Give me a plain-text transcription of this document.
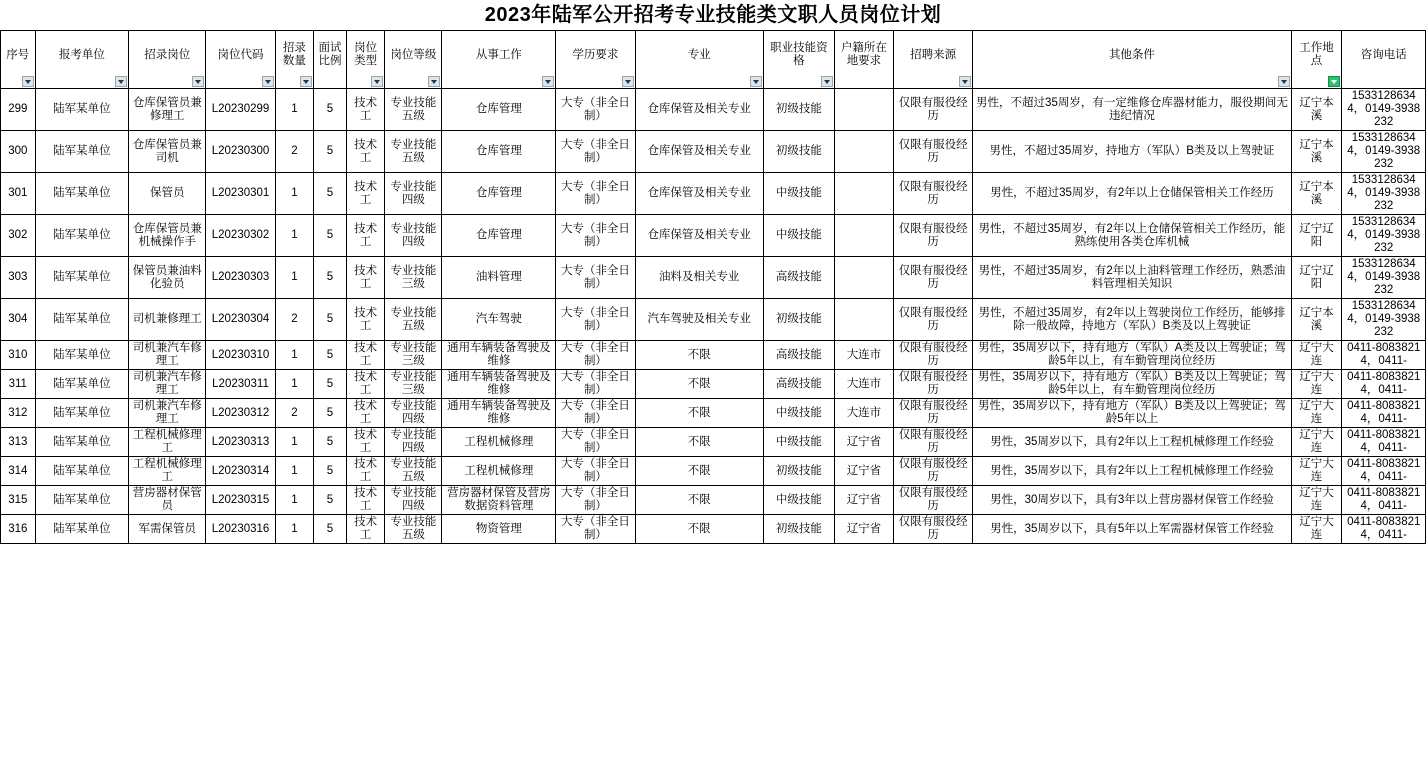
2023年陆军公开招考专业技能类文职人员岗位计划
序号	报考单位	招录岗位	岗位代码	招录数量	面试比例	岗位类型	岗位等级	从事工作	学历要求	专业	职业技能资格	户籍所在地要求	招聘来源	其他条件	工作地点	咨询电话
299	陆军某单位	仓库保管员兼修理工	L20230299	1	5	技术工	专业技能五级	仓库管理	大专（非全日制）	仓库保管及相关专业	初级技能		仅限有服役经历	男性，不超过35周岁，有一定维修仓库器材能力，服役期间无违纪情况	辽宁本溪	15331286344，0149-3938232
300	陆军某单位	仓库保管员兼司机	L20230300	2	5	技术工	专业技能五级	仓库管理	大专（非全日制）	仓库保管及相关专业	初级技能		仅限有服役经历	男性，不超过35周岁，持地方（军队）B类及以上驾驶证	辽宁本溪	15331286344，0149-3938232
301	陆军某单位	保管员	L20230301	1	5	技术工	专业技能四级	仓库管理	大专（非全日制）	仓库保管及相关专业	中级技能		仅限有服役经历	男性，不超过35周岁，有2年以上仓储保管相关工作经历	辽宁本溪	15331286344，0149-3938232
302	陆军某单位	仓库保管员兼机械操作手	L20230302	1	5	技术工	专业技能四级	仓库管理	大专（非全日制）	仓库保管及相关专业	中级技能		仅限有服役经历	男性，不超过35周岁，有2年以上仓储保管相关工作经历，能熟练使用各类仓库机械	辽宁辽阳	15331286344，0149-3938232
303	陆军某单位	保管员兼油料化验员	L20230303	1	5	技术工	专业技能三级	油料管理	大专（非全日制）	油料及相关专业	高级技能		仅限有服役经历	男性，不超过35周岁，有2年以上油料管理工作经历，熟悉油料管理相关知识	辽宁辽阳	15331286344，0149-3938232
304	陆军某单位	司机兼修理工	L20230304	2	5	技术工	专业技能五级	汽车驾驶	大专（非全日制）	汽车驾驶及相关专业	初级技能		仅限有服役经历	男性，不超过35周岁，有2年以上驾驶岗位工作经历，能够排除一般故障，持地方（军队）B类及以上驾驶证	辽宁本溪	15331286344，0149-3938232
310	陆军某单位	司机兼汽车修理工	L20230310	1	5	技术工	专业技能三级	通用车辆装备驾驶及维修	大专（非全日制）	不限	高级技能	大连市	仅限有服役经历	男性，35周岁以下，持有地方（军队）A类及以上驾驶证；驾龄5年以上，有车勤管理岗位经历	辽宁大连	0411-80838214，0411-
311	陆军某单位	司机兼汽车修理工	L20230311	1	5	技术工	专业技能三级	通用车辆装备驾驶及维修	大专（非全日制）	不限	高级技能	大连市	仅限有服役经历	男性，35周岁以下，持有地方（军队）B类及以上驾驶证；驾龄5年以上，有车勤管理岗位经历	辽宁大连	0411-80838214，0411-
312	陆军某单位	司机兼汽车修理工	L20230312	2	5	技术工	专业技能四级	通用车辆装备驾驶及维修	大专（非全日制）	不限	中级技能	大连市	仅限有服役经历	男性，35周岁以下，持有地方（军队）B类及以上驾驶证；驾龄5年以上	辽宁大连	0411-80838214，0411-
313	陆军某单位	工程机械修理工	L20230313	1	5	技术工	专业技能四级	工程机械修理	大专（非全日制）	不限	中级技能	辽宁省	仅限有服役经历	男性，35周岁以下，具有2年以上工程机械修理工作经验	辽宁大连	0411-80838214，0411-
314	陆军某单位	工程机械修理工	L20230314	1	5	技术工	专业技能五级	工程机械修理	大专（非全日制）	不限	初级技能	辽宁省	仅限有服役经历	男性，35周岁以下，具有2年以上工程机械修理工作经验	辽宁大连	0411-80838214，0411-
315	陆军某单位	营房器材保管员	L20230315	1	5	技术工	专业技能四级	营房器材保管及营房数据资料管理	大专（非全日制）	不限	中级技能	辽宁省	仅限有服役经历	男性，30周岁以下，具有3年以上营房器材保管工作经验	辽宁大连	0411-80838214，0411-
316	陆军某单位	军需保管员	L20230316	1	5	技术工	专业技能五级	物资管理	大专（非全日制）	不限	初级技能	辽宁省	仅限有服役经历	男性，35周岁以下，具有5年以上军需器材保管工作经验	辽宁大连	0411-80838214，0411-
